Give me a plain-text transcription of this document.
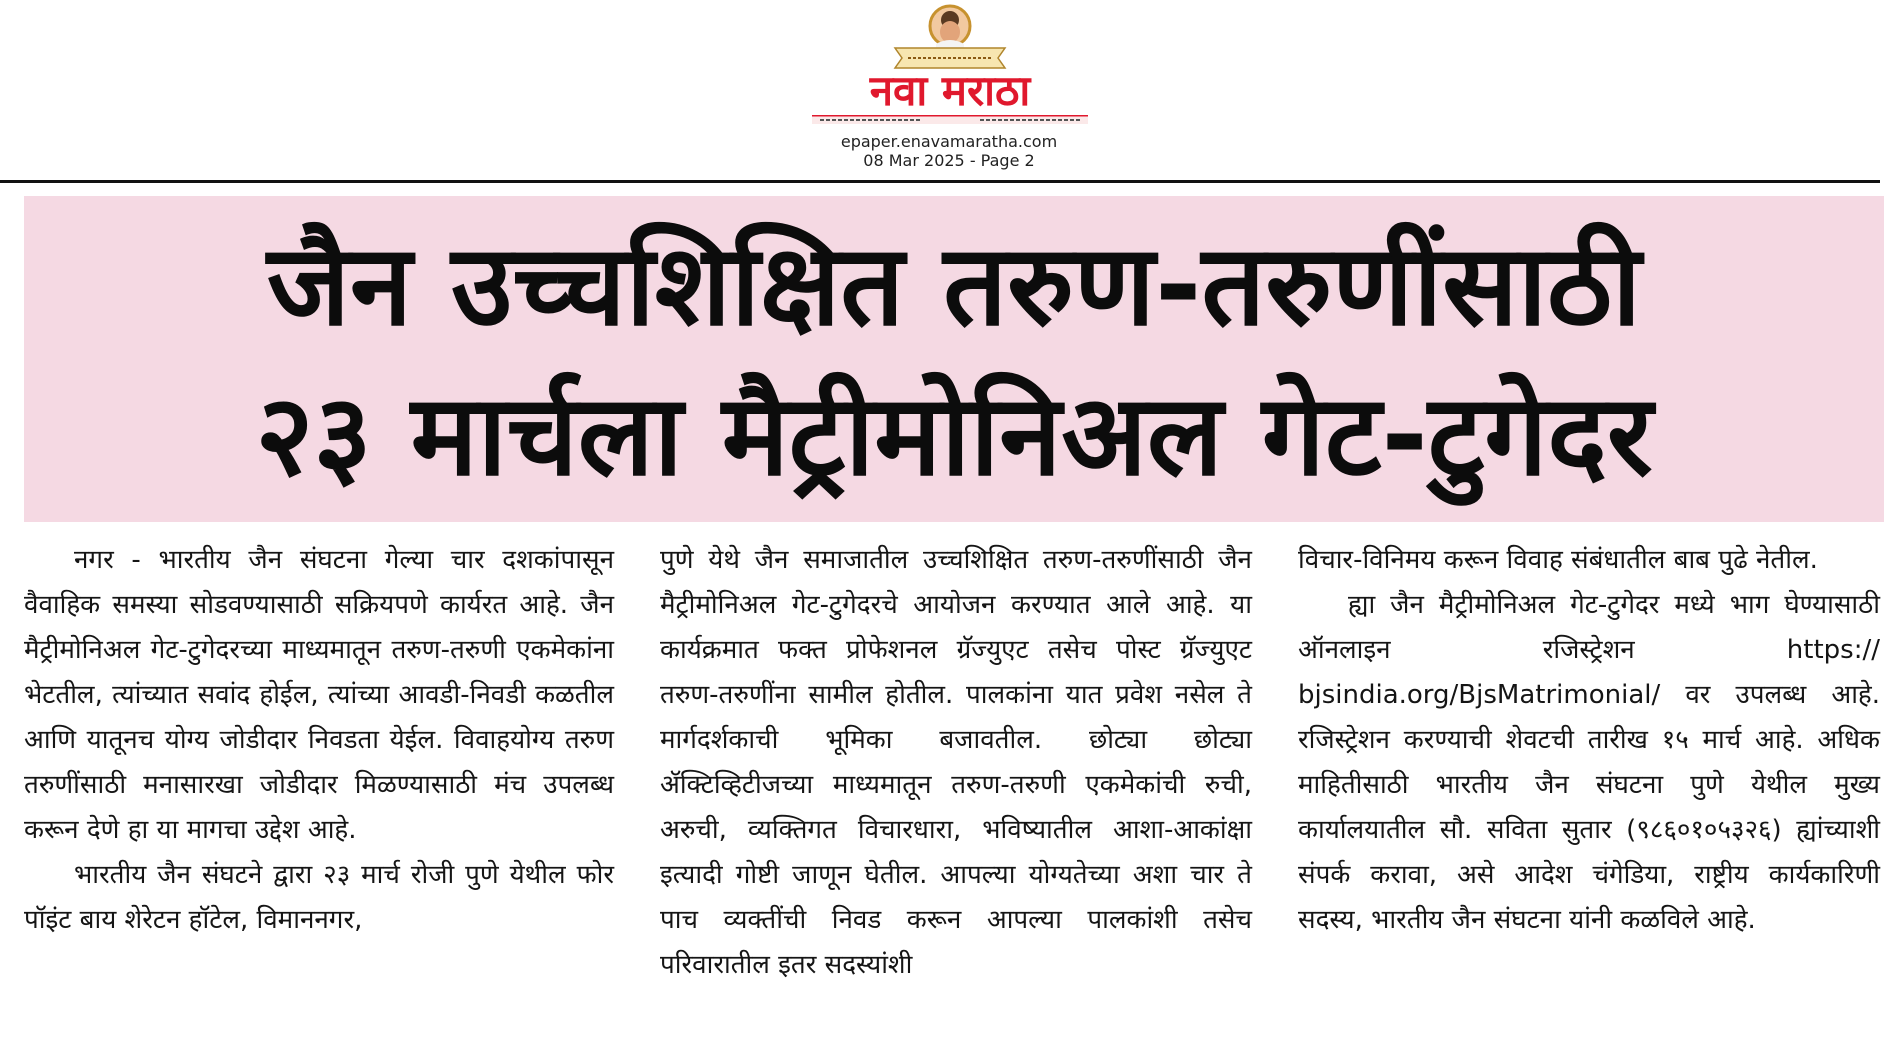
नवा मराठा
epaper.enavamaratha.com
08 Mar 2025 - Page 2
जैन उच्चशिक्षित तरुण-तरुणींसाठी
२३ मार्चला मैट्रीमोनिअल गेट-टुगेदर

नगर - भारतीय जैन संघटना गेल्या चार दशकांपासून वैवाहिक समस्या सोडवण्यासाठी सक्रियपणे कार्यरत आहे. जैन मैट्रीमोनिअल गेट-टुगेदरच्या माध्यमातून तरुण-तरुणी एकमेकांना भेटतील, त्यांच्यात सवांद होईल, त्यांच्या आवडी-निवडी कळतील आणि यातूनच योग्य जोडीदार निवडता येईल. विवाहयोग्य तरुण तरुणींसाठी मनासारखा जोडीदार मिळण्यासाठी मंच उपलब्ध करून देणे हा या मागचा उद्देश आहे.

भारतीय जैन संघटने द्वारा २३ मार्च रोजी पुणे येथील फोर पॉइंट बाय शेरेटन हॉटेल, विमाननगर,

पुणे येथे जैन समाजातील उच्चशिक्षित तरुण-तरुणींसाठी जैन मैट्रीमोनिअल गेट-टुगेदरचे आयोजन करण्यात आले आहे. या कार्यक्रमात फक्त प्रोफेशनल ग्रॅज्युएट तसेच पोस्ट ग्रॅज्युएट तरुण-तरुणींना सामील होतील. पालकांना यात प्रवेश नसेल ते मार्गदर्शकाची भूमिका बजावतील. छोट्या छोट्या ॲक्टिव्हिटीजच्या माध्यमातून तरुण-तरुणी एकमेकांची रुची, अरुची, व्यक्तिगत विचारधारा, भविष्यातील आशा-आकांक्षा इत्यादी गोष्टी जाणून घेतील. आपल्या योग्यतेच्या अशा चार ते पाच व्यक्तींची निवड करून आपल्या पालकांशी तसेच परिवारातील इतर सदस्यांशी

विचार-विनिमय करून विवाह संबंधातील बाब पुढे नेतील.

ह्या जैन मैट्रीमोनिअल गेट-टुगेदर मध्ये भाग घेण्यासाठी ऑनलाइन रजिस्ट्रेशन https:// bjsindia.org/BjsMatrimonial/ वर उपलब्ध आहे. रजिस्ट्रेशन करण्याची शेवटची तारीख १५ मार्च आहे. अधिक माहितीसाठी भारतीय जैन संघटना पुणे येथील मुख्य कार्यालयातील सौ. सविता सुतार (९८६०१०५३२६) ह्यांच्याशी संपर्क करावा, असे आदेश चंगेडिया, राष्ट्रीय कार्यकारिणी सदस्य, भारतीय जैन संघटना यांनी कळविले आहे.
